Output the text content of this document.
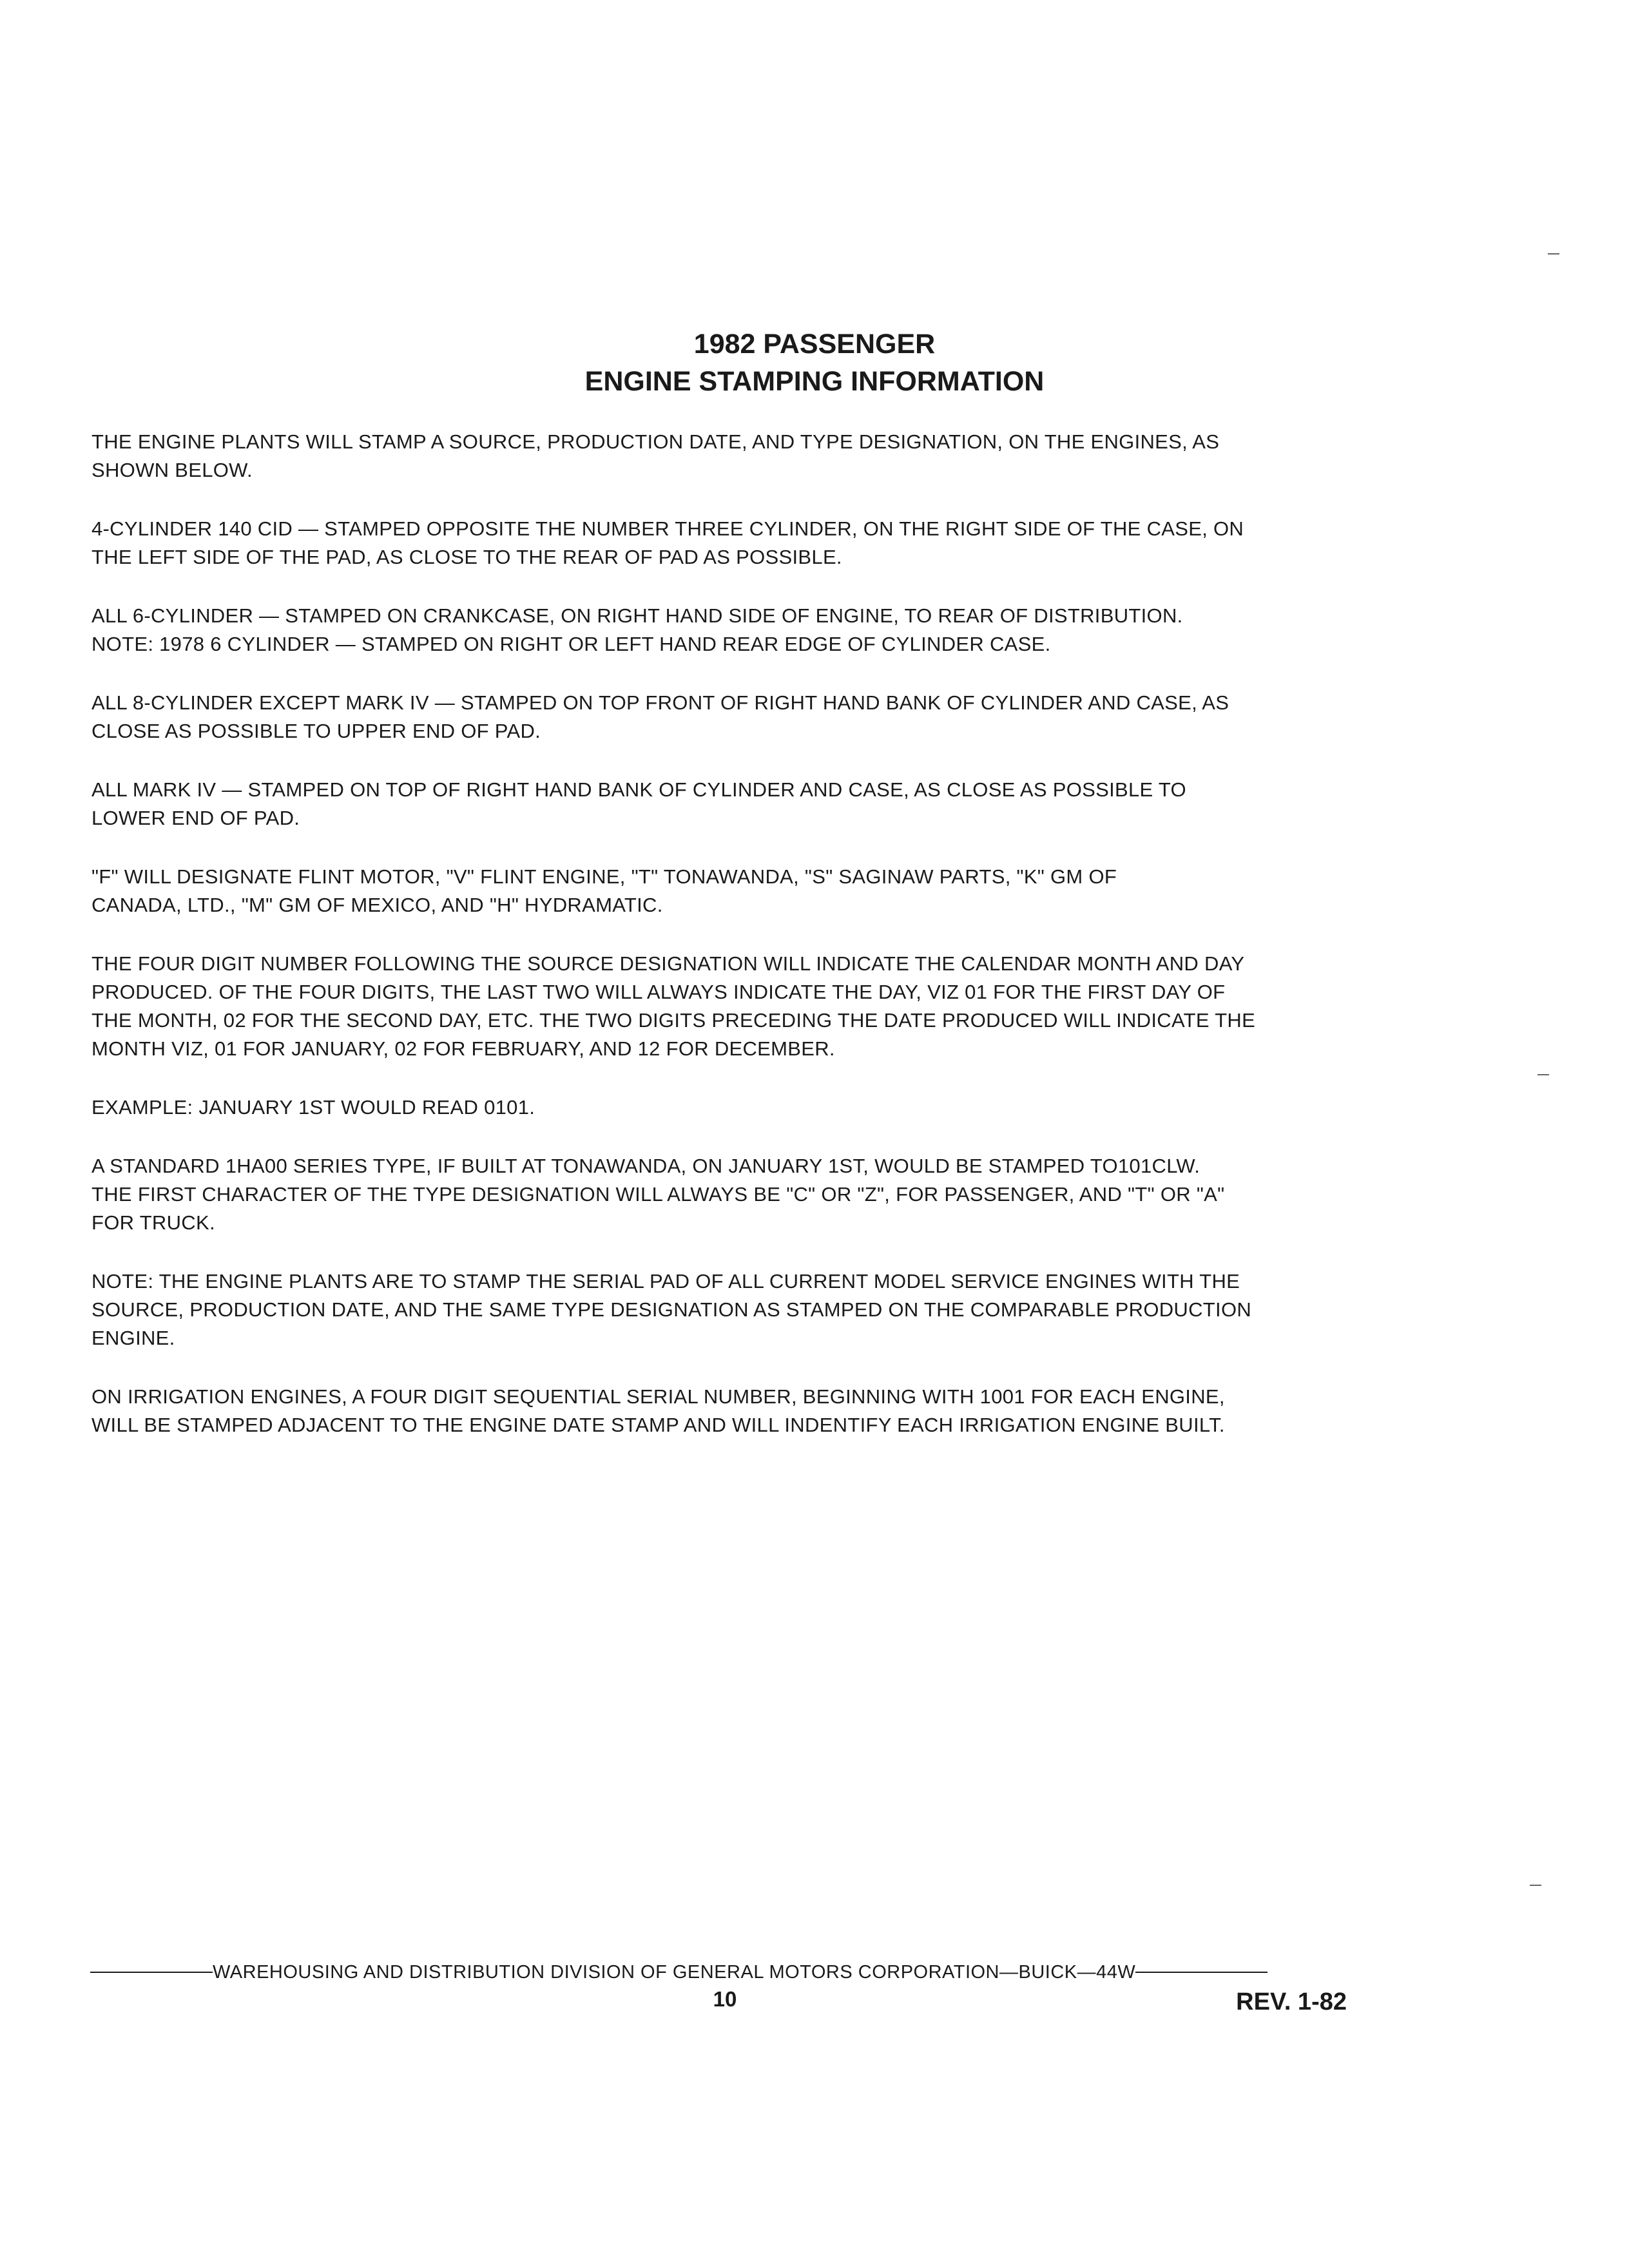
1982 PASSENGER
ENGINE STAMPING INFORMATION

THE ENGINE PLANTS WILL STAMP A SOURCE, PRODUCTION DATE, AND TYPE DESIGNATION, ON THE ENGINES, AS
SHOWN BELOW.

4-CYLINDER 140 CID — STAMPED OPPOSITE THE NUMBER THREE CYLINDER, ON THE RIGHT SIDE OF THE CASE, ON
THE LEFT SIDE OF THE PAD, AS CLOSE TO THE REAR OF PAD AS POSSIBLE.

ALL 6-CYLINDER — STAMPED ON CRANKCASE, ON RIGHT HAND SIDE OF ENGINE, TO REAR OF DISTRIBUTION.
NOTE: 1978 6 CYLINDER — STAMPED ON RIGHT OR LEFT HAND REAR EDGE OF CYLINDER CASE.

ALL 8-CYLINDER EXCEPT MARK IV — STAMPED ON TOP FRONT OF RIGHT HAND BANK OF CYLINDER AND CASE, AS
CLOSE AS POSSIBLE TO UPPER END OF PAD.

ALL MARK IV — STAMPED ON TOP OF RIGHT HAND BANK OF CYLINDER AND CASE, AS CLOSE AS POSSIBLE TO
LOWER END OF PAD.

"F" WILL DESIGNATE FLINT MOTOR, "V" FLINT ENGINE, "T" TONAWANDA, "S" SAGINAW PARTS, "K" GM OF
CANADA, LTD., "M" GM OF MEXICO, AND "H" HYDRAMATIC.

THE FOUR DIGIT NUMBER FOLLOWING THE SOURCE DESIGNATION WILL INDICATE THE CALENDAR MONTH AND DAY
PRODUCED. OF THE FOUR DIGITS, THE LAST TWO WILL ALWAYS INDICATE THE DAY, VIZ 01 FOR THE FIRST DAY OF
THE MONTH, 02 FOR THE SECOND DAY, ETC. THE TWO DIGITS PRECEDING THE DATE PRODUCED WILL INDICATE THE
MONTH VIZ, 01 FOR JANUARY, 02 FOR FEBRUARY, AND 12 FOR DECEMBER.

EXAMPLE: JANUARY 1ST WOULD READ 0101.

A STANDARD 1HA00 SERIES TYPE, IF BUILT AT TONAWANDA, ON JANUARY 1ST, WOULD BE STAMPED TO101CLW.
THE FIRST CHARACTER OF THE TYPE DESIGNATION WILL ALWAYS BE "C" OR "Z", FOR PASSENGER, AND "T" OR "A"
FOR TRUCK.

NOTE: THE ENGINE PLANTS ARE TO STAMP THE SERIAL PAD OF ALL CURRENT MODEL SERVICE ENGINES WITH THE
SOURCE, PRODUCTION DATE, AND THE SAME TYPE DESIGNATION AS STAMPED ON THE COMPARABLE PRODUCTION
ENGINE.

ON IRRIGATION ENGINES, A FOUR DIGIT SEQUENTIAL SERIAL NUMBER, BEGINNING WITH 1001 FOR EACH ENGINE,
WILL BE STAMPED ADJACENT TO THE ENGINE DATE STAMP AND WILL INDENTIFY EACH IRRIGATION ENGINE BUILT.

WAREHOUSING AND DISTRIBUTION DIVISION OF GENERAL MOTORS CORPORATION—BUICK—44W
10	REV. 1-82
